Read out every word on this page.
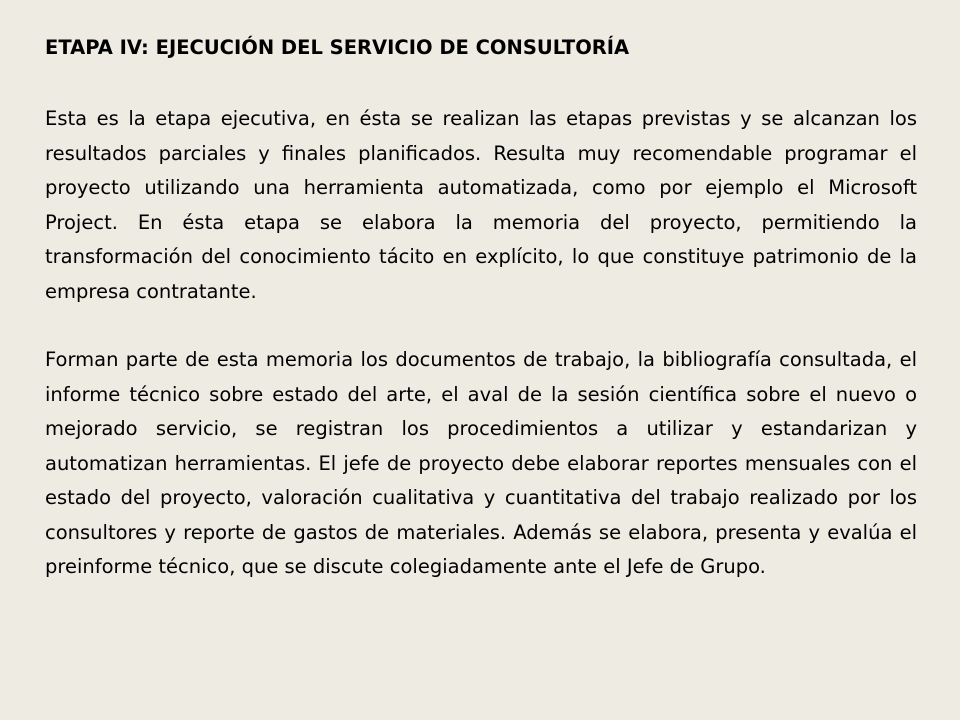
ETAPA IV: EJECUCIÓN DEL SERVICIO DE CONSULTORÍA

Esta es la etapa ejecutiva, en ésta se realizan las etapas previstas y se alcanzan los resultados parciales y finales planificados. Resulta muy recomendable programar el proyecto utilizando una herramienta automatizada, como por ejemplo el Microsoft Project. En ésta etapa se elabora la memoria del proyecto, permitiendo la transformación del conocimiento tácito en explícito, lo que constituye patrimonio de la empresa contratante.

Forman parte de esta memoria los documentos de trabajo, la bibliografía consultada, el informe técnico sobre estado del arte, el aval de la sesión científica sobre el nuevo o mejorado servicio, se registran los procedimientos a utilizar y estandarizan y automatizan herramientas. El jefe de proyecto debe elaborar reportes mensuales con el estado del proyecto, valoración cualitativa y cuantitativa del trabajo realizado por los consultores y reporte de gastos de materiales. Además se elabora, presenta y evalúa el preinforme técnico, que se discute colegiadamente ante el Jefe de Grupo.
